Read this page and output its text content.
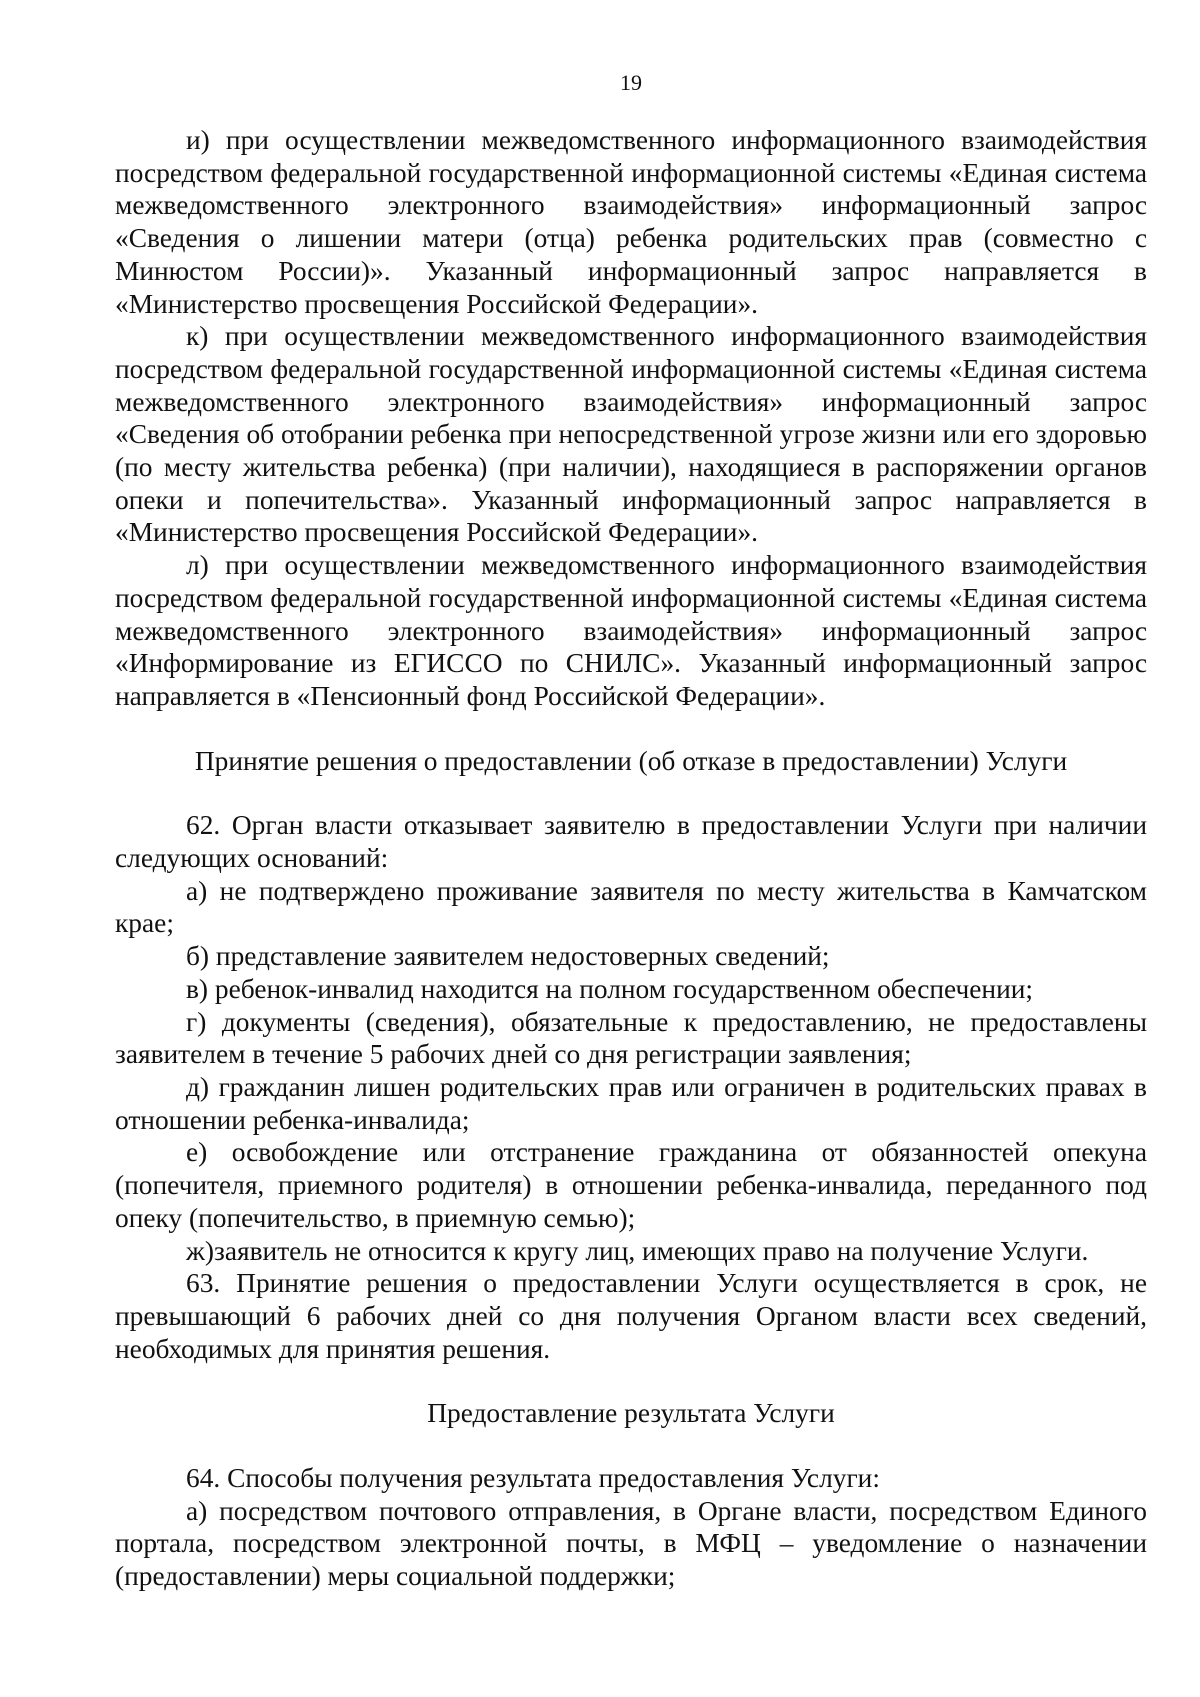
19

и) при осуществлении межведомственного информационного взаимодействия посредством федеральной государственной информационной системы «Единая система межведомственного электронного взаимодействия» информационный запрос «Сведения о лишении матери (отца) ребенка родительских прав (совместно с Минюстом России)». Указанный информационный запрос направляется в «Министерство просвещения Российской Федерации».

к) при осуществлении межведомственного информационного взаимодействия посредством федеральной государственной информационной системы «Единая система межведомственного электронного взаимодействия» информационный запрос «Сведения об отобрании ребенка при непосредственной угрозе жизни или его здоровью (по месту жительства ребенка) (при наличии), находящиеся в распоряжении органов опеки и попечительства». Указанный информационный запрос направляется в «Министерство просвещения Российской Федерации».

л) при осуществлении межведомственного информационного взаимодействия посредством федеральной государственной информационной системы «Единая система межведомственного электронного взаимодействия» информационный запрос «Информирование из ЕГИССО по СНИЛС». Указанный информационный запрос направляется в «Пенсионный фонд Российской Федерации».

Принятие решения о предоставлении (об отказе в предоставлении) Услуги

62. Орган власти отказывает заявителю в предоставлении Услуги при наличии следующих оснований:

а) не подтверждено проживание заявителя по месту жительства в Камчатском крае;

б) представление заявителем недостоверных сведений;

в) ребенок-инвалид находится на полном государственном обеспечении;

г) документы (сведения), обязательные к предоставлению, не предоставлены заявителем в течение 5 рабочих дней со дня регистрации заявления;

д) гражданин лишен родительских прав или ограничен в родительских правах в отношении ребенка-инвалида;

е) освобождение или отстранение гражданина от обязанностей опекуна (попечителя, приемного родителя) в отношении ребенка-инвалида, переданного под опеку (попечительство, в приемную семью);

ж)заявитель не относится к кругу лиц, имеющих право на получение Услуги.

63. Принятие решения о предоставлении Услуги осуществляется в срок, не превышающий 6 рабочих дней со дня получения Органом власти всех сведений, необходимых для принятия решения.

Предоставление результата Услуги

64. Способы получения результата предоставления Услуги:

а) посредством почтового отправления, в Органе власти, посредством Единого портала, посредством электронной почты, в МФЦ – уведомление о назначении (предоставлении) меры социальной поддержки;
